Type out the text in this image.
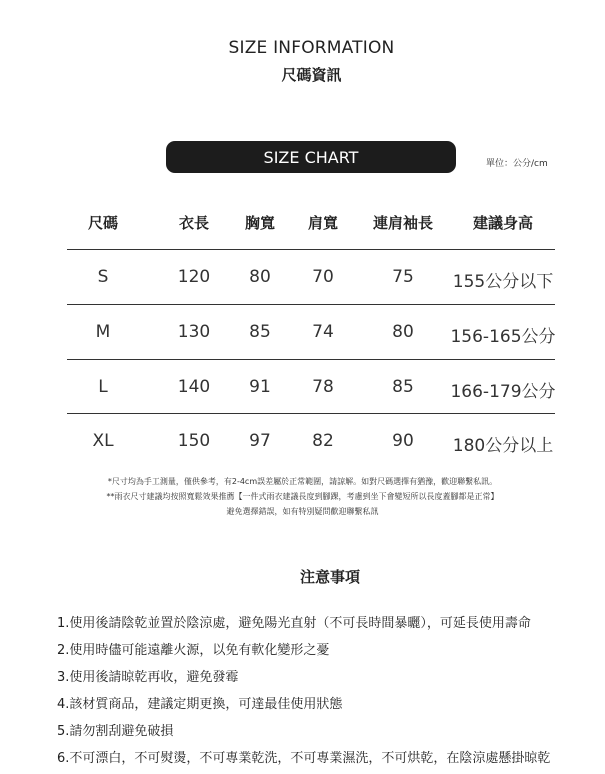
SIZE INFORMATION
尺碼資訊
SIZE CHART	單位：公分/cm
尺碼	衣長 胸寬 肩寬 連肩袖長	建議身高
S	120 80 70	75 155公分以下
M	130 85 74	80 156-165公分
L	140 91 78	85 166-179公分
XL	150 97 82	90 180公分以上
*尺寸均為手工測量，僅供參考，有2-4cm誤差屬於正常範圍，請諒解。如對尺碼選擇有猶豫，歡迎聯繫私訊。
**雨衣尺寸建議均按照寬鬆效果推薦【一件式雨衣建議長度到腳踝，考慮到坐下會變短所以長度蓋腳都是正常】
避免選擇錯誤，如有特別疑問歡迎聯繫私訊
注意事項
1.使用後請陰乾並置於陰涼處，避免陽光直射（不可長時間暴曬），可延長使用壽命
2.使用時儘可能遠離火源，以免有軟化變形之憂
3.使用後請晾乾再收，避免發霉
4.該材質商品，建議定期更換，可達最佳使用狀態
5.請勿割刮避免破損
6.不可漂白，不可熨燙，不可專業乾洗，不可專業濕洗，不可烘乾，在陰涼處懸掛晾乾
